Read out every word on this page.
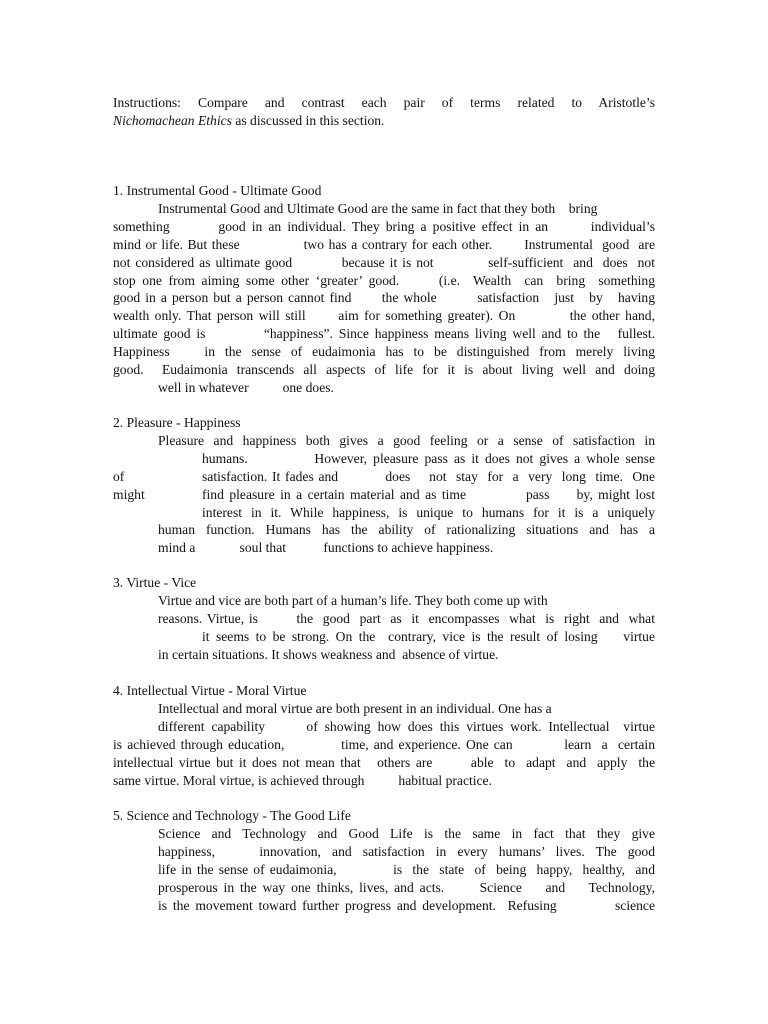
Instructions:  Compare  and  contrast  each  pair  of  terms  related  to  Aristotle’s
Nichomachean Ethics as discussed in this section.
1. Instrumental Good - Ultimate Good
Instrumental Good and Ultimate Good are the same in fact that they both    bring
something        good in an individual. They bring a positive effect in an       individual’s
mind or life. But these              two has a contrary for each other.       Instrumental  good  are
not considered as ultimate good          because it is not           self-sufficient  and  does  not
stop one from aiming some other ‘greater’ good.      (i.e.  Wealth  can  bring  something
good in a person but a person cannot find      the whole        satisfaction   just   by   having
wealth only. That person will still      aim for something greater). On          the other hand,
ultimate good is          “happiness”. Since happiness means living well and to the   fullest.
Happiness       in  the  sense  of  eudaimonia  has  to  be  distinguished  from  merely  living
good.  Eudaimonia transcends all aspects of life for it is about living well and doing
well in whatever          one does.
2. Pleasure - Happiness
Pleasure and happiness both gives a good feeling or a sense of satisfaction in
humans.           However, pleasure pass as it does not gives a whole sense
of	satisfaction. It fades and          does    not  stay  for  a  very  long  time.  One
might	find pleasure in a certain material and as time           pass     by, might lost
interest in it. While happiness, is unique to humans for it is a uniquely
human function. Humans has the ability of rationalizing situations and has a
mind a             soul that           functions to achieve happiness.
3. Virtue - Vice
Virtue and vice are both part of a human’s life. They both come up with
reasons. Virtue, is        the  good  part  as  it  encompasses  what  is  right  and  what
it seems to be strong. On the  contrary, vice is the result of losing    virtue
in certain situations. It shows weakness and  absence of virtue.
4. Intellectual Virtue - Moral Virtue
Intellectual and moral virtue are both present in an individual. One has a
different capability      of showing how does this virtues work. Intellectual  virtue
is achieved through education,           time, and experience. One can          learn  a  certain
intellectual virtue but it does not mean that   others are       able  to  adapt  and  apply  the
same virtue. Moral virtue, is achieved through          habitual practice.
5. Science and Technology - The Good Life
Science  and  Technology  and  Good  Life  is  the  same  in  fact  that  they  give
happiness,        innovation,  and  satisfaction  in  every  humans’  lives.  The  good
life in the sense of eudaimonia,           is  the  state  of  being  happy,  healthy,  and
prosperous in the way one thinks, lives, and acts.      Science    and    Technology,
is the movement toward further progress and development.  Refusing          science
